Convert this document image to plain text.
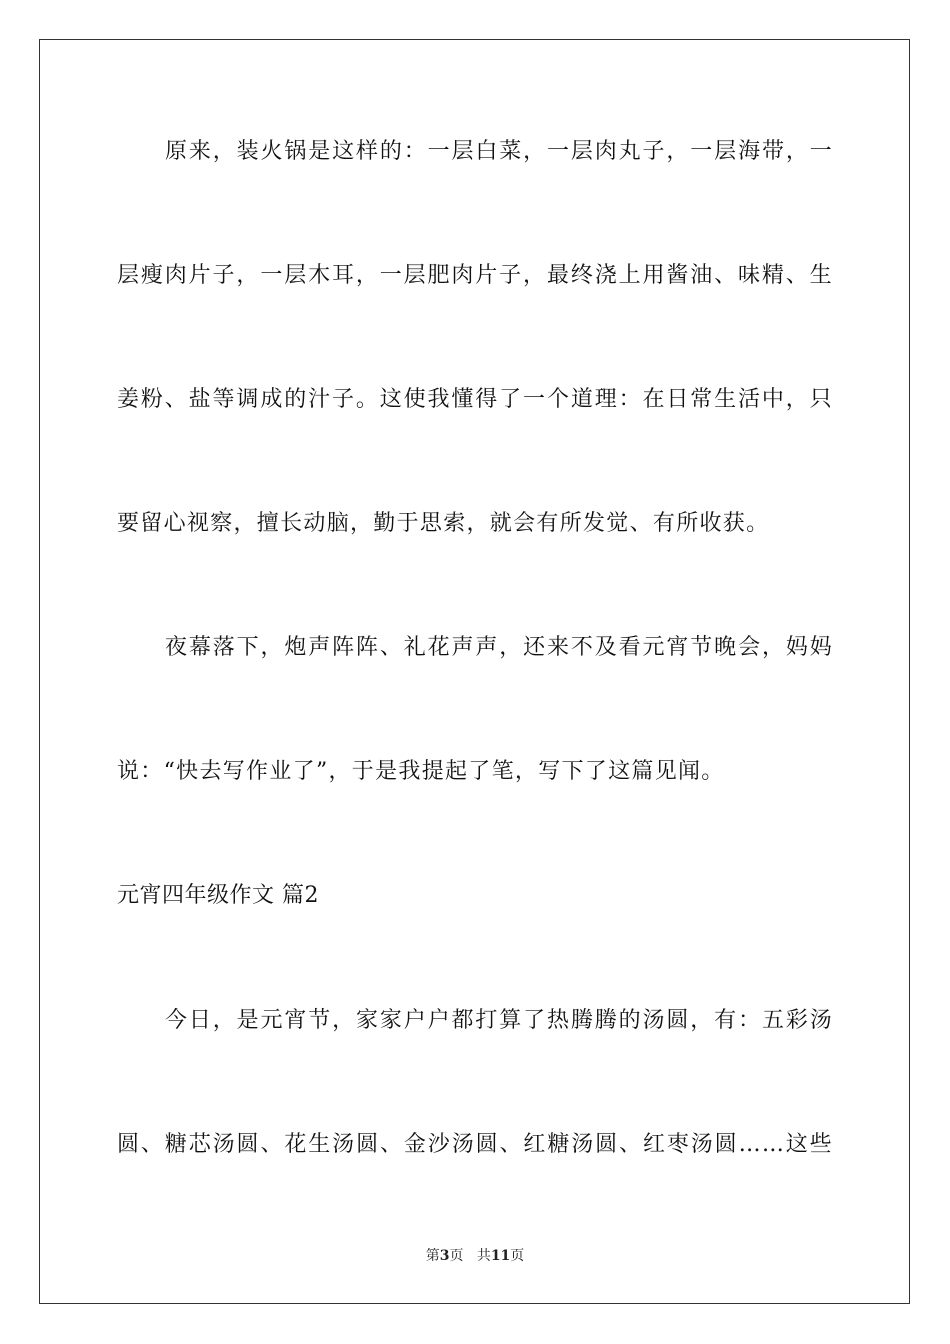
原来，装火锅是这样的：一层白菜，一层肉丸子，一层海带，一
层瘦肉片子，一层木耳，一层肥肉片子，最终浇上用酱油、味精、生
姜粉、盐等调成的汁子。这使我懂得了一个道理：在日常生活中，只
要留心视察，擅长动脑，勤于思索，就会有所发觉、有所收获。
夜幕落下，炮声阵阵、礼花声声，还来不及看元宵节晚会，妈妈
说：“快去写作业了”，于是我提起了笔，写下了这篇见闻。
元宵四年级作文 篇2
今日，是元宵节，家家户户都打算了热腾腾的汤圆，有：五彩汤
圆、糖芯汤圆、花生汤圆、金沙汤圆、红糖汤圆、红枣汤圆……这些
第3页 共11页
